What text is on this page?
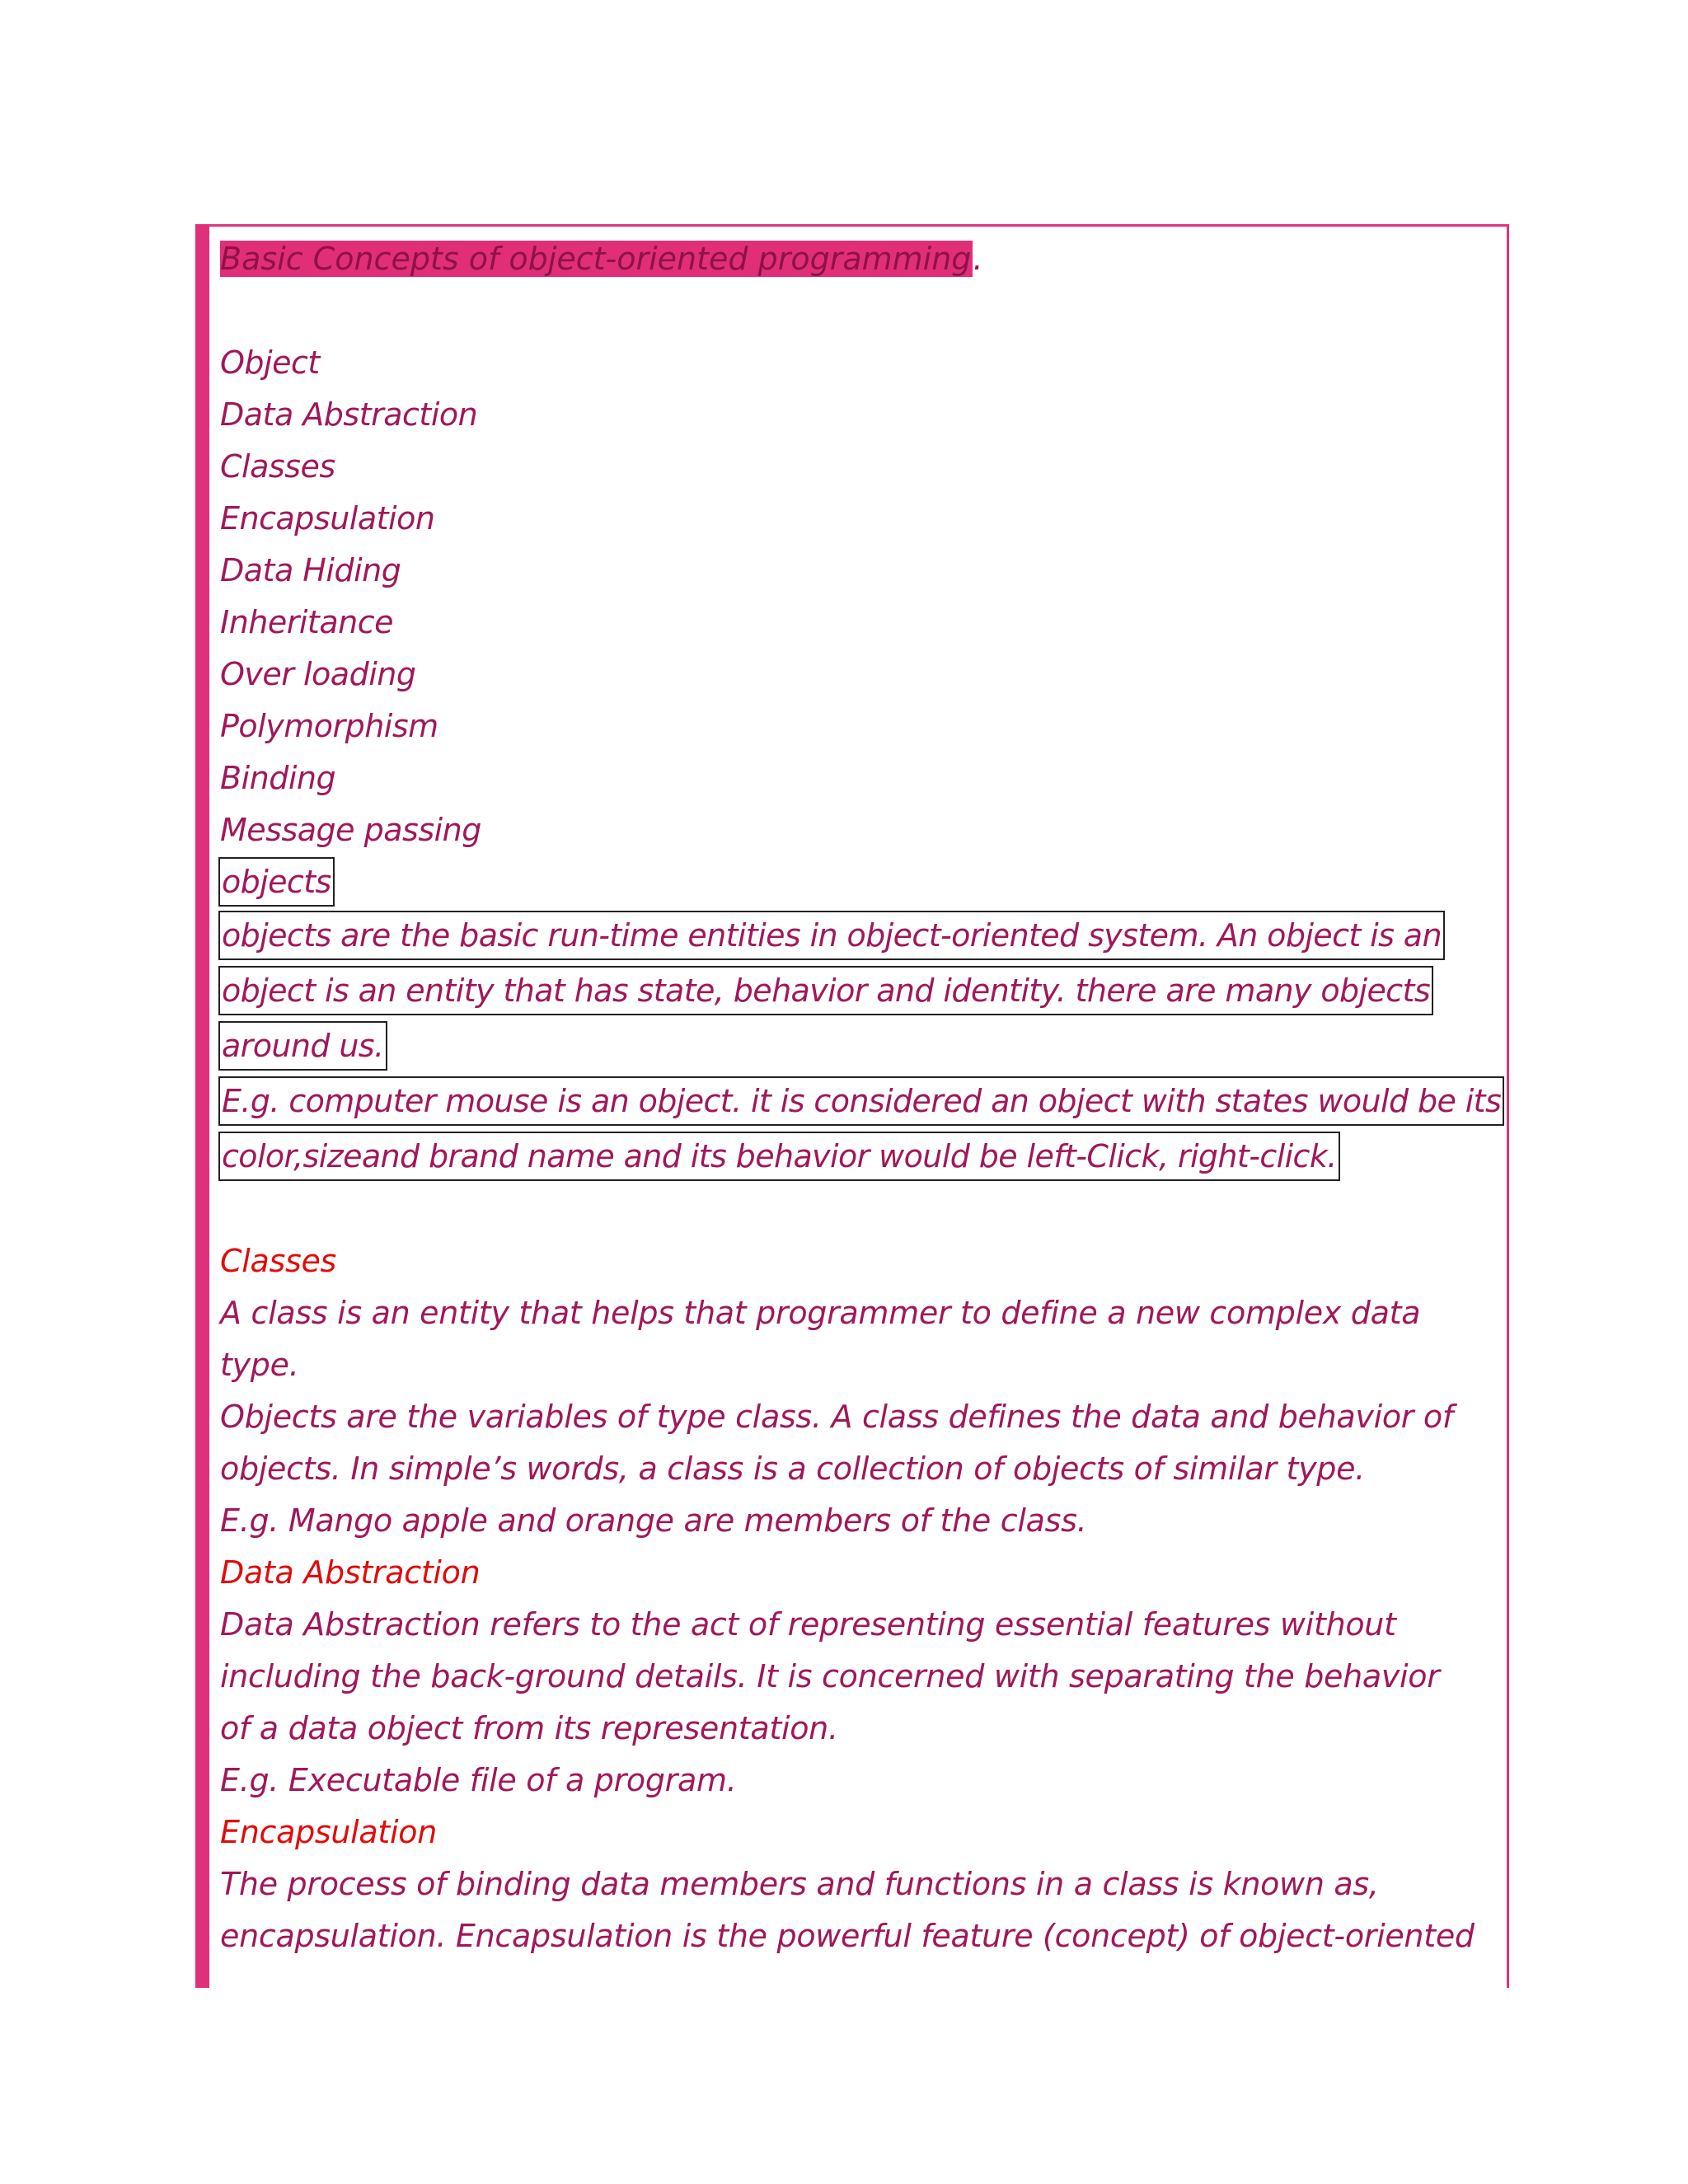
Basic Concepts of object-oriented programming.
Object
Data Abstraction
Classes
Encapsulation
Data Hiding
Inheritance
Over loading
Polymorphism
Binding
Message passing
objects
objects are the basic run-time entities in object-oriented system. An object is an
object is an entity that has state, behavior and identity. there are many objects
around us.
E.g. computer mouse is an object. it is considered an object with states would be its
color,sizeand brand name and its behavior would be left-Click, right-click.
Classes
A class is an entity that helps that programmer to define a new complex data
type.
Objects are the variables of type class. A class defines the data and behavior of
objects. In simple’s words, a class is a collection of objects of similar type.
E.g. Mango apple and orange are members of the class.
Data Abstraction
Data Abstraction refers to the act of representing essential features without
including the back-ground details. It is concerned with separating the behavior
of a data object from its representation.
E.g. Executable file of a program.
Encapsulation
The process of binding data members and functions in a class is known as,
encapsulation. Encapsulation is the powerful feature (concept) of object-oriented
